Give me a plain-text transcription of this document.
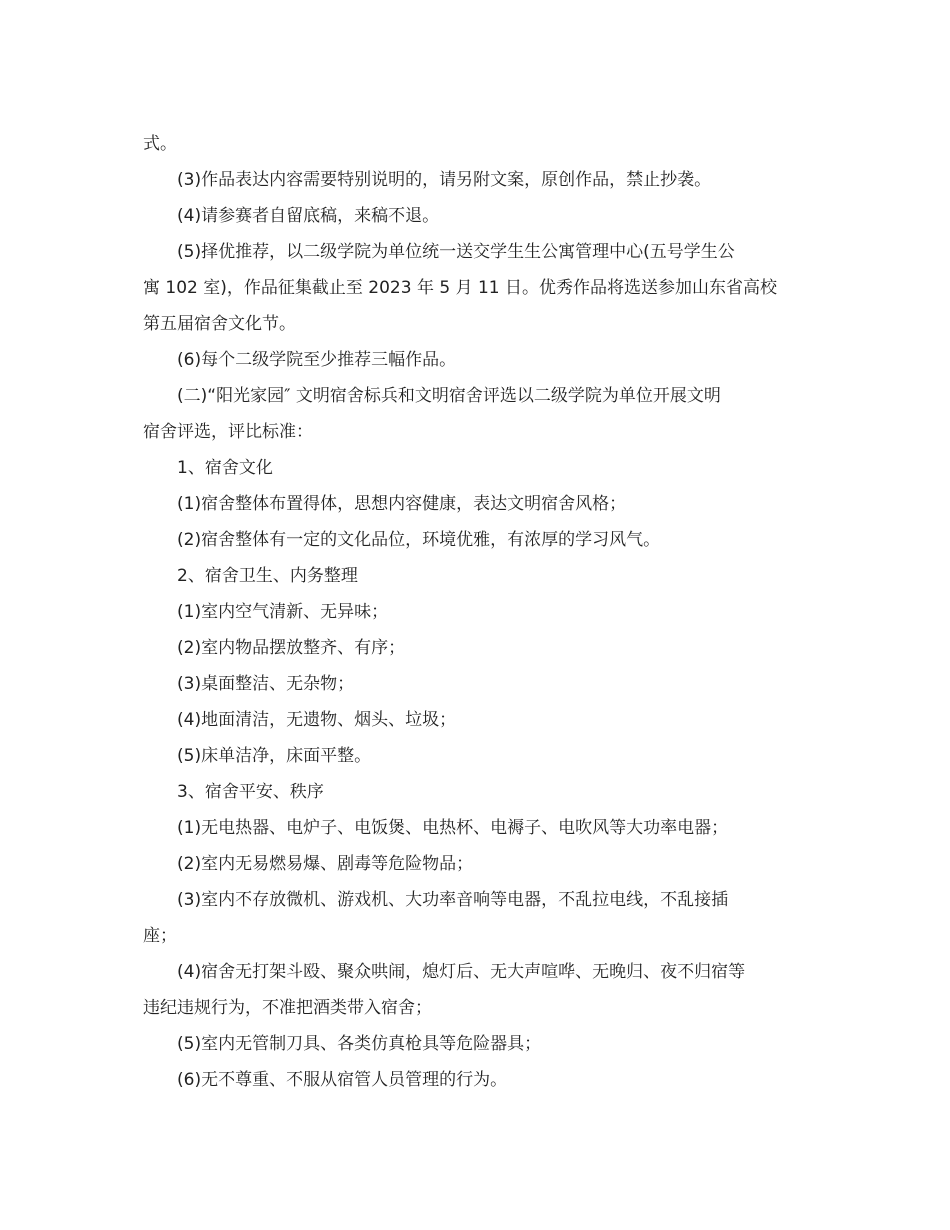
式。
(3)作品表达内容需要特别说明的，请另附文案，原创作品，禁止抄袭。
(4)请参赛者自留底稿，来稿不退。
(5)择优推荐，以二级学院为单位统一送交学生生公寓管理中心(五号学生公
寓 102 室)，作品征集截止至 2023 年 5 月 11 日。优秀作品将选送参加山东省高校
第五届宿舍文化节。
(6)每个二级学院至少推荐三幅作品。
(二)“阳光家园″ 文明宿舍标兵和文明宿舍评选以二级学院为单位开展文明
宿舍评选，评比标准：
1、宿舍文化
(1)宿舍整体布置得体，思想内容健康，表达文明宿舍风格；
(2)宿舍整体有一定的文化品位，环境优雅，有浓厚的学习风气。
2、宿舍卫生、内务整理
(1)室内空气清新、无异味；
(2)室内物品摆放整齐、有序；
(3)桌面整洁、无杂物；
(4)地面清洁，无遗物、烟头、垃圾；
(5)床单洁净，床面平整。
3、宿舍平安、秩序
(1)无电热器、电炉子、电饭煲、电热杯、电褥子、电吹风等大功率电器；
(2)室内无易燃易爆、剧毒等危险物品；
(3)室内不存放微机、游戏机、大功率音响等电器，不乱拉电线，不乱接插
座；
(4)宿舍无打架斗殴、聚众哄闹，熄灯后、无大声喧哗、无晚归、夜不归宿等
违纪违规行为，不准把酒类带入宿舍；
(5)室内无管制刀具、各类仿真枪具等危险器具；
(6)无不尊重、不服从宿管人员管理的行为。
